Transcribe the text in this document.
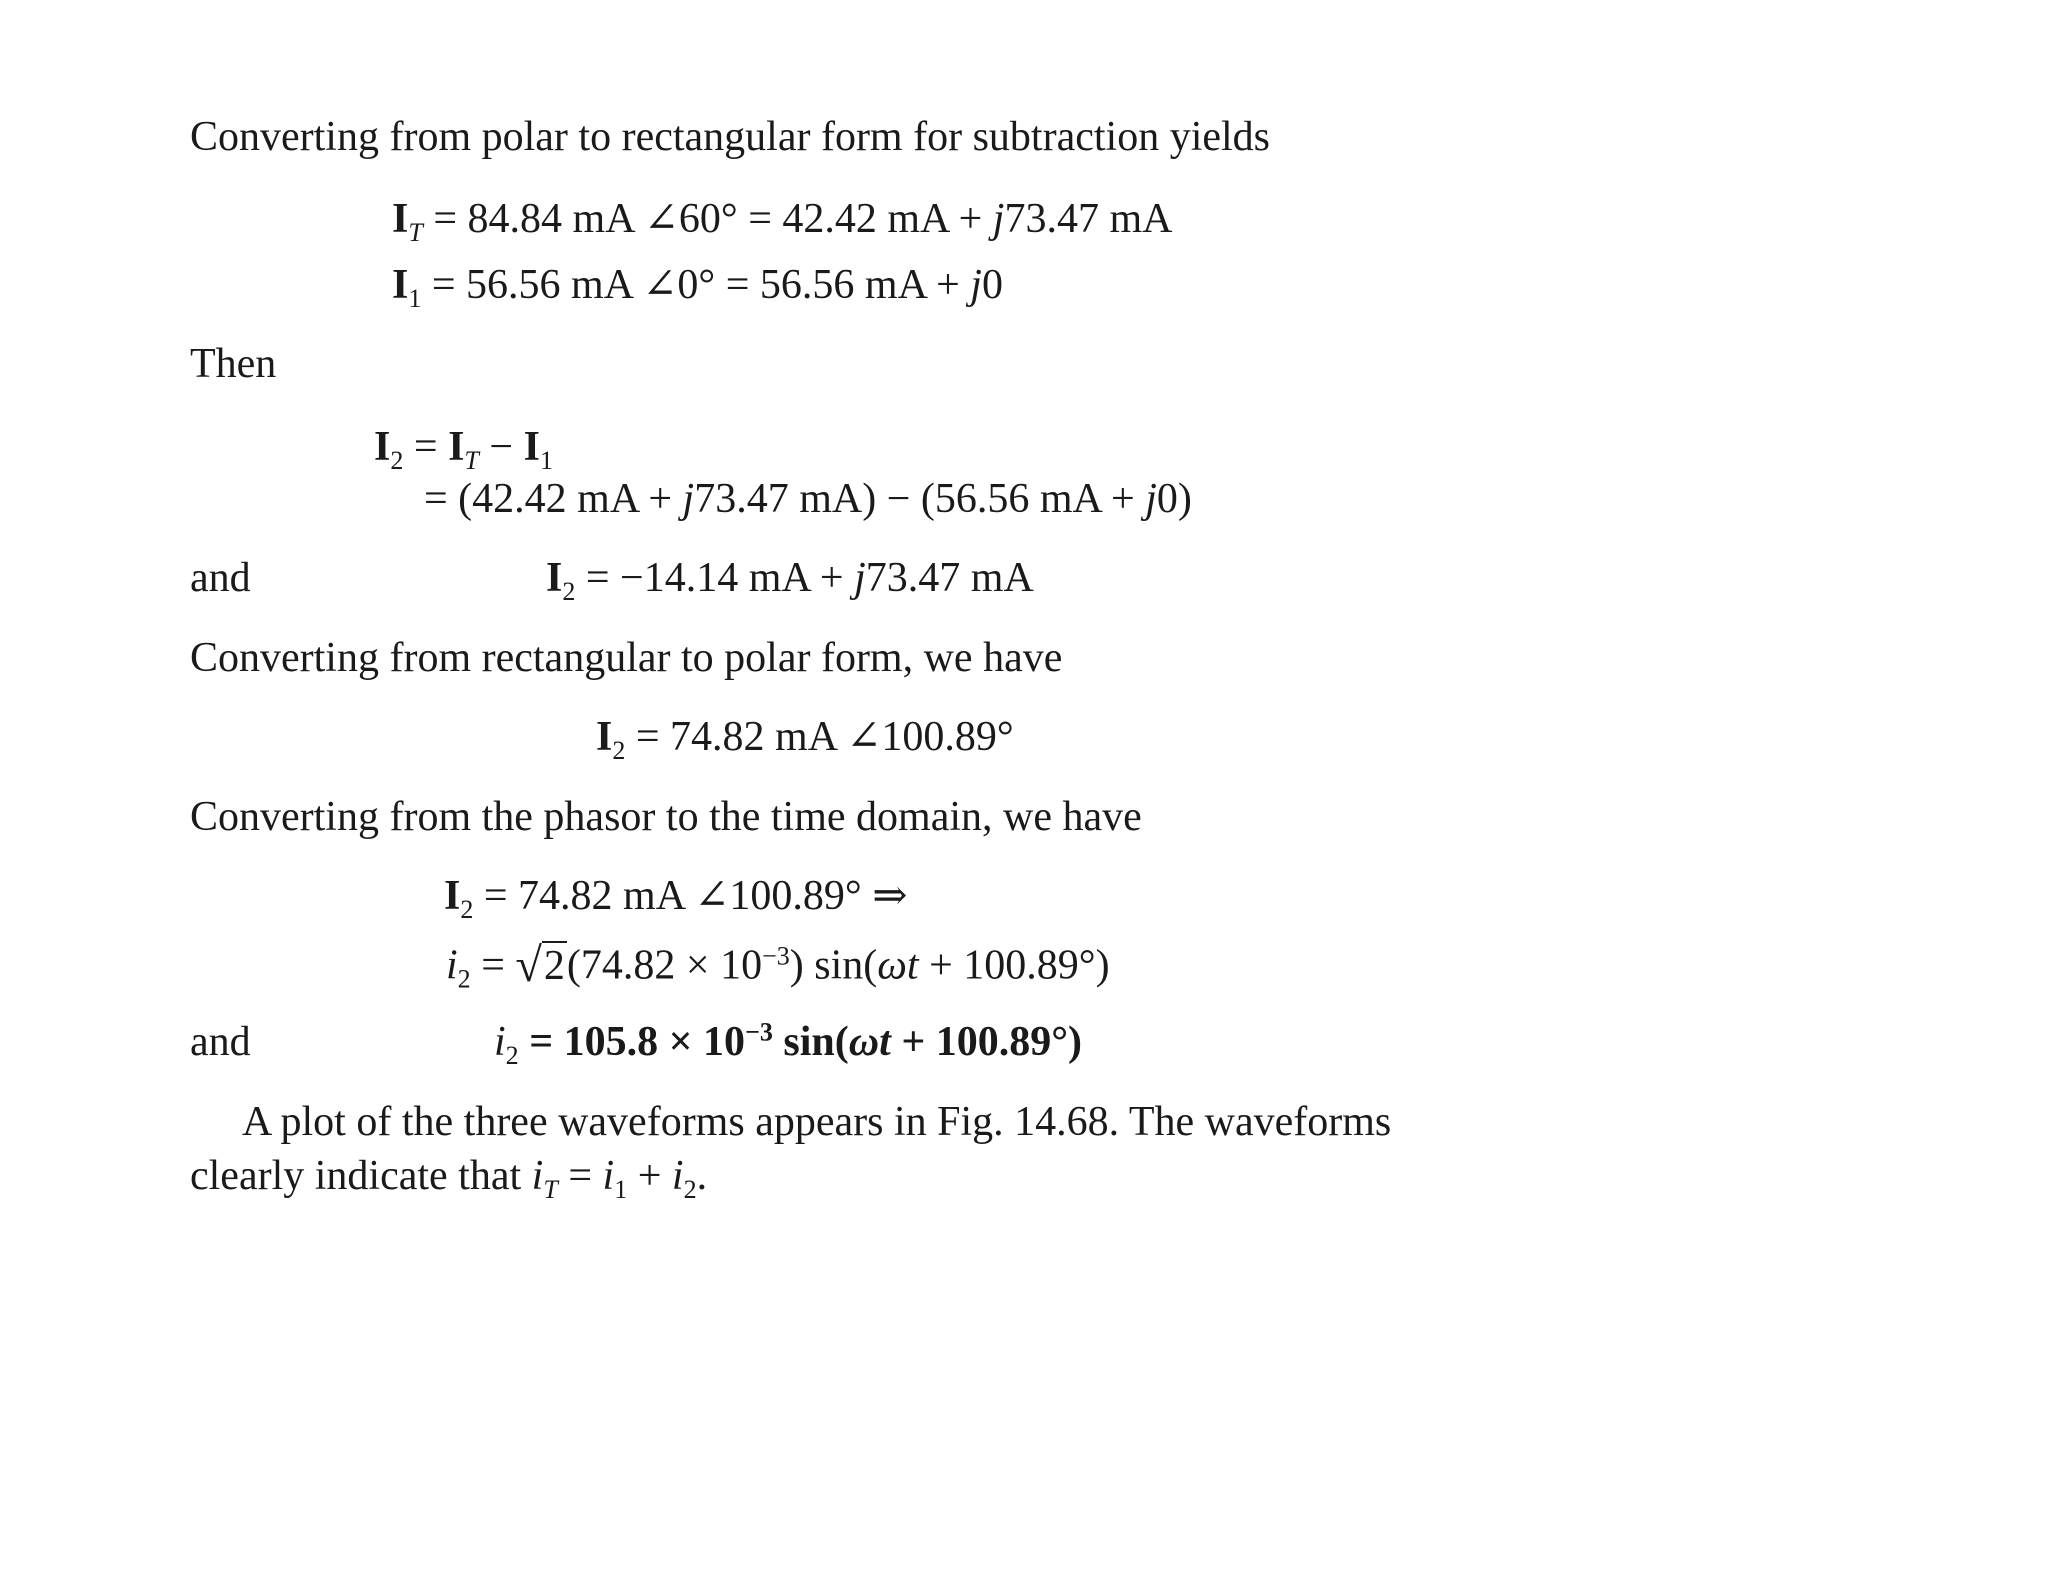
Converting from polar to rectangular form for subtraction yields
$I_T = 84.84$ mA ∠60° = 42.42 mA + j73.47 mA
$I_1 = 56.56$ mA ∠0° = 56.56 mA + j0
Then
$I_2 = I_T - I_1$
= (42.42 mA + j73.47 mA) − (56.56 mA + j0)
and	$I_2 = -14.14$ mA + j73.47 mA
Converting from rectangular to polar form, we have
$I_2 = 74.82$ mA ∠100.89°
Converting from the phasor to the time domain, we have
$I_2 = 74.82$ mA ∠100.89° ⇒
$i_2 = √2(74.82 \times 10^{-3}) \sin(\omega t + 100.89^\circ)$
and	$i_2 = 105.8 \times 10^{-3}$ sin(ωt + 100.89°)
A plot of the three waveforms appears in Fig. 14.68. The waveforms
clearly indicate that $i_T = i_1 + i_2$.
